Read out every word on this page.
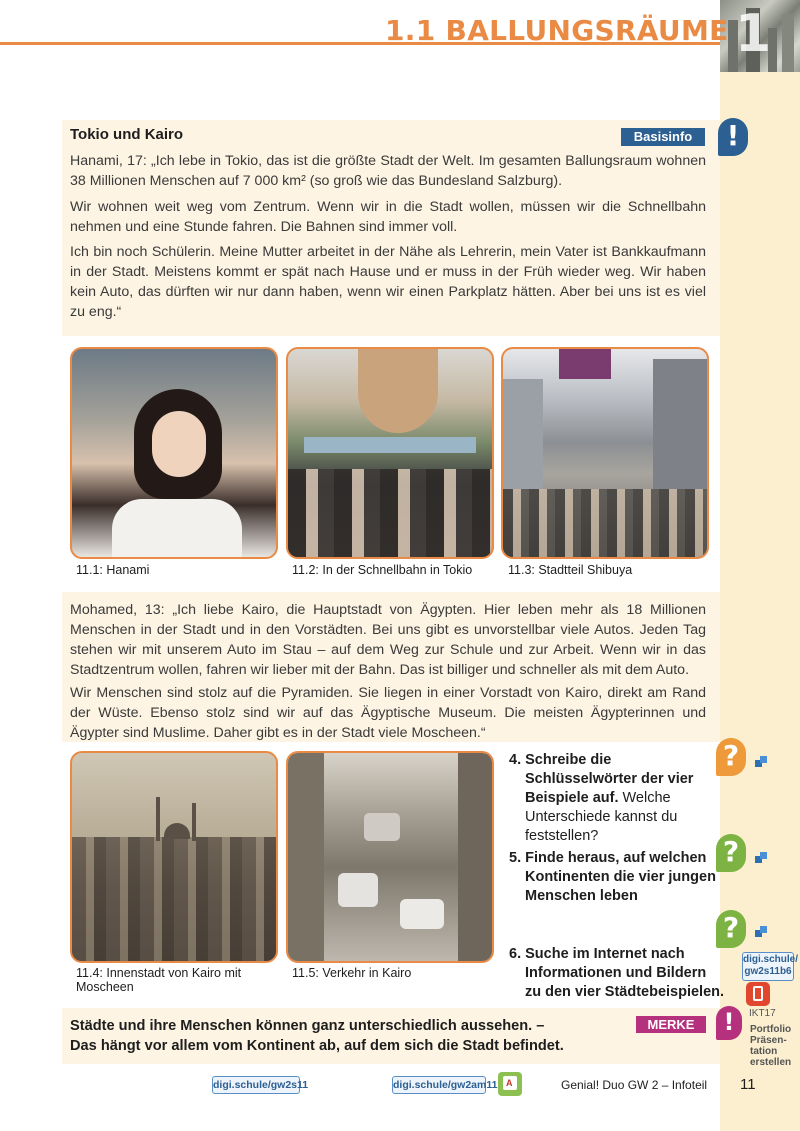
1
1.1 BALLUNGSRÄUME
Tokio und Kairo	Basisinfo	!
Hanami, 17: „Ich lebe in Tokio, das ist die größte Stadt der Welt. Im gesamten Ballungsraum wohnen 38 Millionen Menschen auf 7 000 km² (so groß wie das Bundesland Salzburg).
Wir wohnen weit weg vom Zentrum. Wenn wir in die Stadt wollen, müssen wir die Schnellbahn nehmen und eine Stunde fahren. Die Bahnen sind immer voll.
Ich bin noch Schülerin. Meine Mutter arbeitet in der Nähe als Lehrerin, mein Vater ist Bankkaufmann in der Stadt. Meistens kommt er spät nach Hause und er muss in der Früh wieder weg. Wir haben kein Auto, das dürften wir nur dann haben, wenn wir einen Parkplatz hätten. Aber bei uns ist es viel zu eng.“
11.1: Hanami	11.2: In der Schnellbahn in Tokio	11.3: Stadtteil Shibuya
Mohamed, 13: „Ich liebe Kairo, die Hauptstadt von Ägypten. Hier leben mehr als 18 Millionen Menschen in der Stadt und in den Vorstädten. Bei uns gibt es unvorstellbar viele Autos. Jeden Tag stehen wir mit unserem Auto im Stau – auf dem Weg zur Schule und zur Arbeit. Wenn wir in das Stadtzentrum wollen, fahren wir lieber mit der Bahn. Das ist billiger und schneller als mit dem Auto.
Wir Menschen sind stolz auf die Pyramiden. Sie liegen in einer Vorstadt von Kairo, direkt am Rand der Wüste. Ebenso stolz sind wir auf das Ägyptische Museum. Die meisten Ägypterinnen und Ägypter sind Muslime. Daher gibt es in der Stadt viele Moscheen.“
11.4: Innenstadt von Kairo mit Moscheen
11.5: Verkehr in Kairo
4. Schreibe die Schlüsselwörter der vier Beispiele auf. Welche Unterschiede kannst du feststellen?
5. Finde heraus, auf welchen Kontinenten die vier jungen Menschen leben
6. Suche im Internet nach Informationen und Bildern zu den vier Städtebeispielen.
?
?
?
digi.schule/
gw2s11b6
IKT17
Portfolio
Präsen-
tation
erstellen
Städte und ihre Menschen können ganz unterschiedlich aussehen. –
Das hängt vor allem vom Kontinent ab, auf dem sich die Stadt befindet.
MERKE	!
digi.schule/gw2s11	digi.schule/gw2am11 A	Genial! Duo GW 2 – Infoteil 11
